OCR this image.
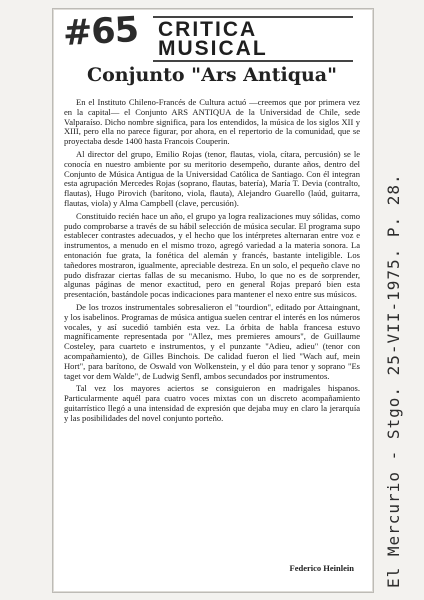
#65 CRITICA
MUSICAL
Conjunto "Ars Antiqua"

En el Instituto Chileno-Francés de Cultura actuó —creemos que por primera vez en la capital— el Conjunto ARS ANTIQUA de la Universidad de Chile, sede Valparaíso. Dicho nombre significa, para los entendidos, la música de los siglos XII y XIII, pero ella no parece figurar, por ahora, en el repertorio de la comunidad, que se proyectaba desde 1400 hasta Francois Couperin.

Al director del grupo, Emilio Rojas (tenor, flautas, viola, cítara, percusión) se le conocía en nuestro ambiente por su meritorio desempeño, durante años, dentro del Conjunto de Música Antigua de la Universidad Católica de Santiago. Con él integran esta agrupación Mercedes Rojas (soprano, flautas, batería), María T. Devia (contralto, flautas), Hugo Pirovich (barítono, viola, flauta), Alejandro Guarello (laúd, guitarra, flautas, viola) y Alma Campbell (clave, percusión).

Constituido recién hace un año, el grupo ya logra realizaciones muy sólidas, como pudo comprobarse a través de su hábil selección de música secular. El programa supo establecer contrastes adecuados, y el hecho que los intérpretes alternaran entre voz e instrumentos, a menudo en el mismo trozo, agregó variedad a la materia sonora. La entonación fue grata, la fonética del alemán y francés, bastante inteligible. Los tañedores mostraron, igualmente, apreciable destreza. En un solo, el pequeño clave no pudo disfrazar ciertas fallas de su mecanismo. Hubo, lo que no es de sorprender, algunas páginas de menor exactitud, pero en general Rojas preparó bien esta presentación, bastándole pocas indicaciones para mantener el nexo entre sus músicos.

De los trozos instrumentales sobresalieron el "tourdion", editado por Attaingnant, y los isabelinos. Programas de música antigua suelen centrar el interés en los números vocales, y así sucedió también esta vez. La órbita de habla francesa estuvo magníficamente representada por "Allez, mes premieres amours", de Guillaume Costeley, para cuarteto e instrumentos, y el punzante "Adieu, adieu" (tenor con acompañamiento), de Gilles Binchois. De calidad fueron el lied "Wach auf, mein Hort", para barítono, de Oswald von Wolkenstein, y el dúo para tenor y soprano "Es taget vor dem Walde", de Ludwig Senfl, ambos secundados por instrumentos.

Tal vez los mayores aciertos se consiguieron en madrigales hispanos. Particularmente aquél para cuatro voces mixtas con un discreto acompañamiento guitarrístico llegó a una intensidad de expresión que dejaba muy en claro la jerarquía y las posibilidades del novel conjunto porteño.

Federico Heinlein El Mercurio - Stgo. 25-VII-1975. P. 28.
